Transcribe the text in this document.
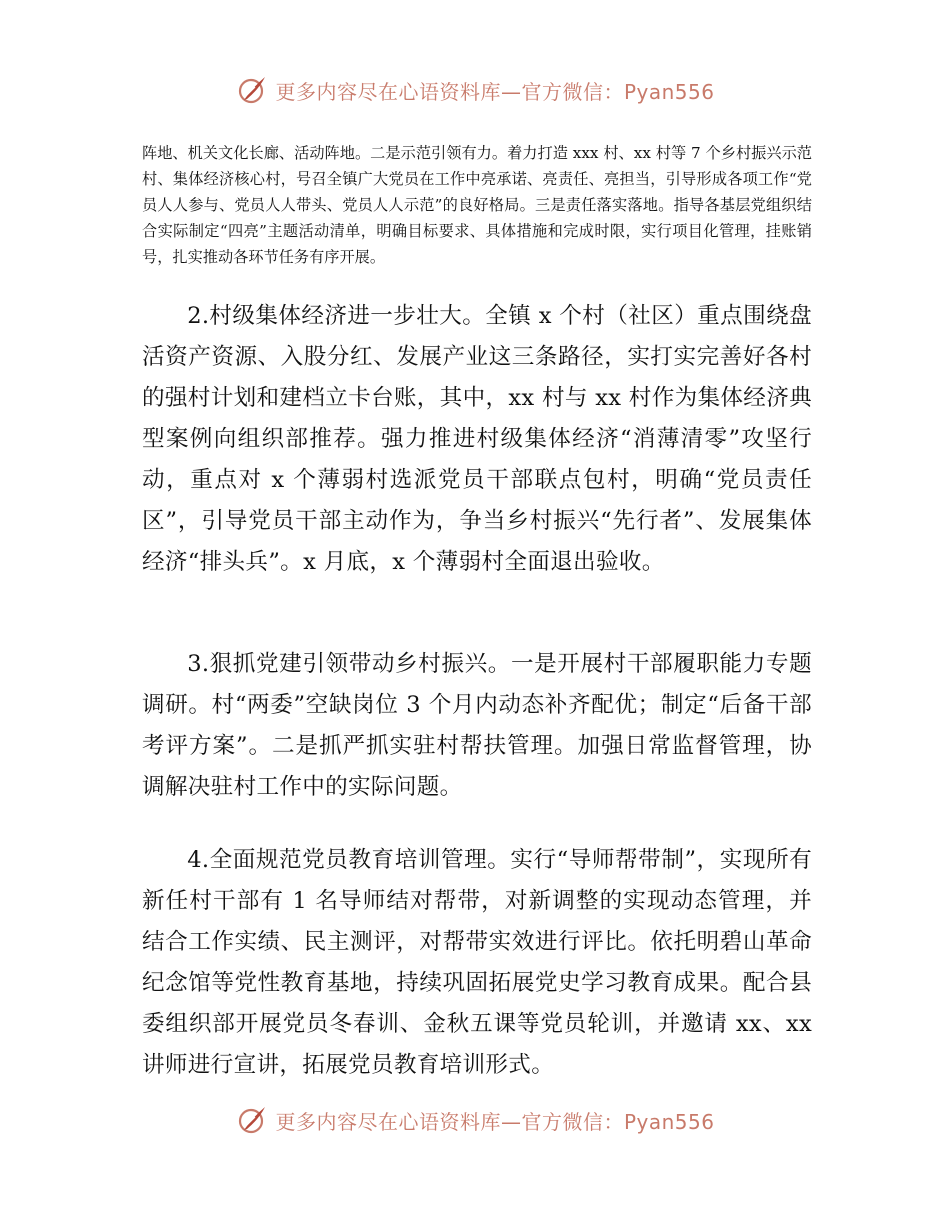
更多内容尽在心语资料库—官方微信：Pyan556

阵地、机关文化长廊、活动阵地。二是示范引领有力。着力打造 xxx 村、xx 村等 7 个乡村振兴示范村、集体经济核心村，号召全镇广大党员在工作中亮承诺、亮责任、亮担当，引导形成各项工作“党员人人参与、党员人人带头、党员人人示范”的良好格局。三是责任落实落地。指导各基层党组织结合实际制定“四亮”主题活动清单，明确目标要求、具体措施和完成时限，实行项目化管理，挂账销号，扎实推动各环节任务有序开展。

2.村级集体经济进一步壮大。全镇 x 个村（社区）重点围绕盘活资产资源、入股分红、发展产业这三条路径，实打实完善好各村的强村计划和建档立卡台账，其中，xx 村与 xx 村作为集体经济典型案例向组织部推荐。强力推进村级集体经济“消薄清零”攻坚行动，重点对 x 个薄弱村选派党员干部联点包村，明确“党员责任区”，引导党员干部主动作为，争当乡村振兴“先行者”、发展集体经济“排头兵”。x 月底，x 个薄弱村全面退出验收。

3.狠抓党建引领带动乡村振兴。一是开展村干部履职能力专题调研。村“两委”空缺岗位 3 个月内动态补齐配优；制定“后备干部考评方案”。二是抓严抓实驻村帮扶管理。加强日常监督管理，协调解决驻村工作中的实际问题。

4.全面规范党员教育培训管理。实行“导师帮带制”，实现所有新任村干部有 1 名导师结对帮带，对新调整的实现动态管理，并结合工作实绩、民主测评，对帮带实效进行评比。依托明碧山革命纪念馆等党性教育基地，持续巩固拓展党史学习教育成果。配合县委组织部开展党员冬春训、金秋五课等党员轮训，并邀请 xx、xx 讲师进行宣讲，拓展党员教育培训形式。

更多内容尽在心语资料库—官方微信：Pyan556
